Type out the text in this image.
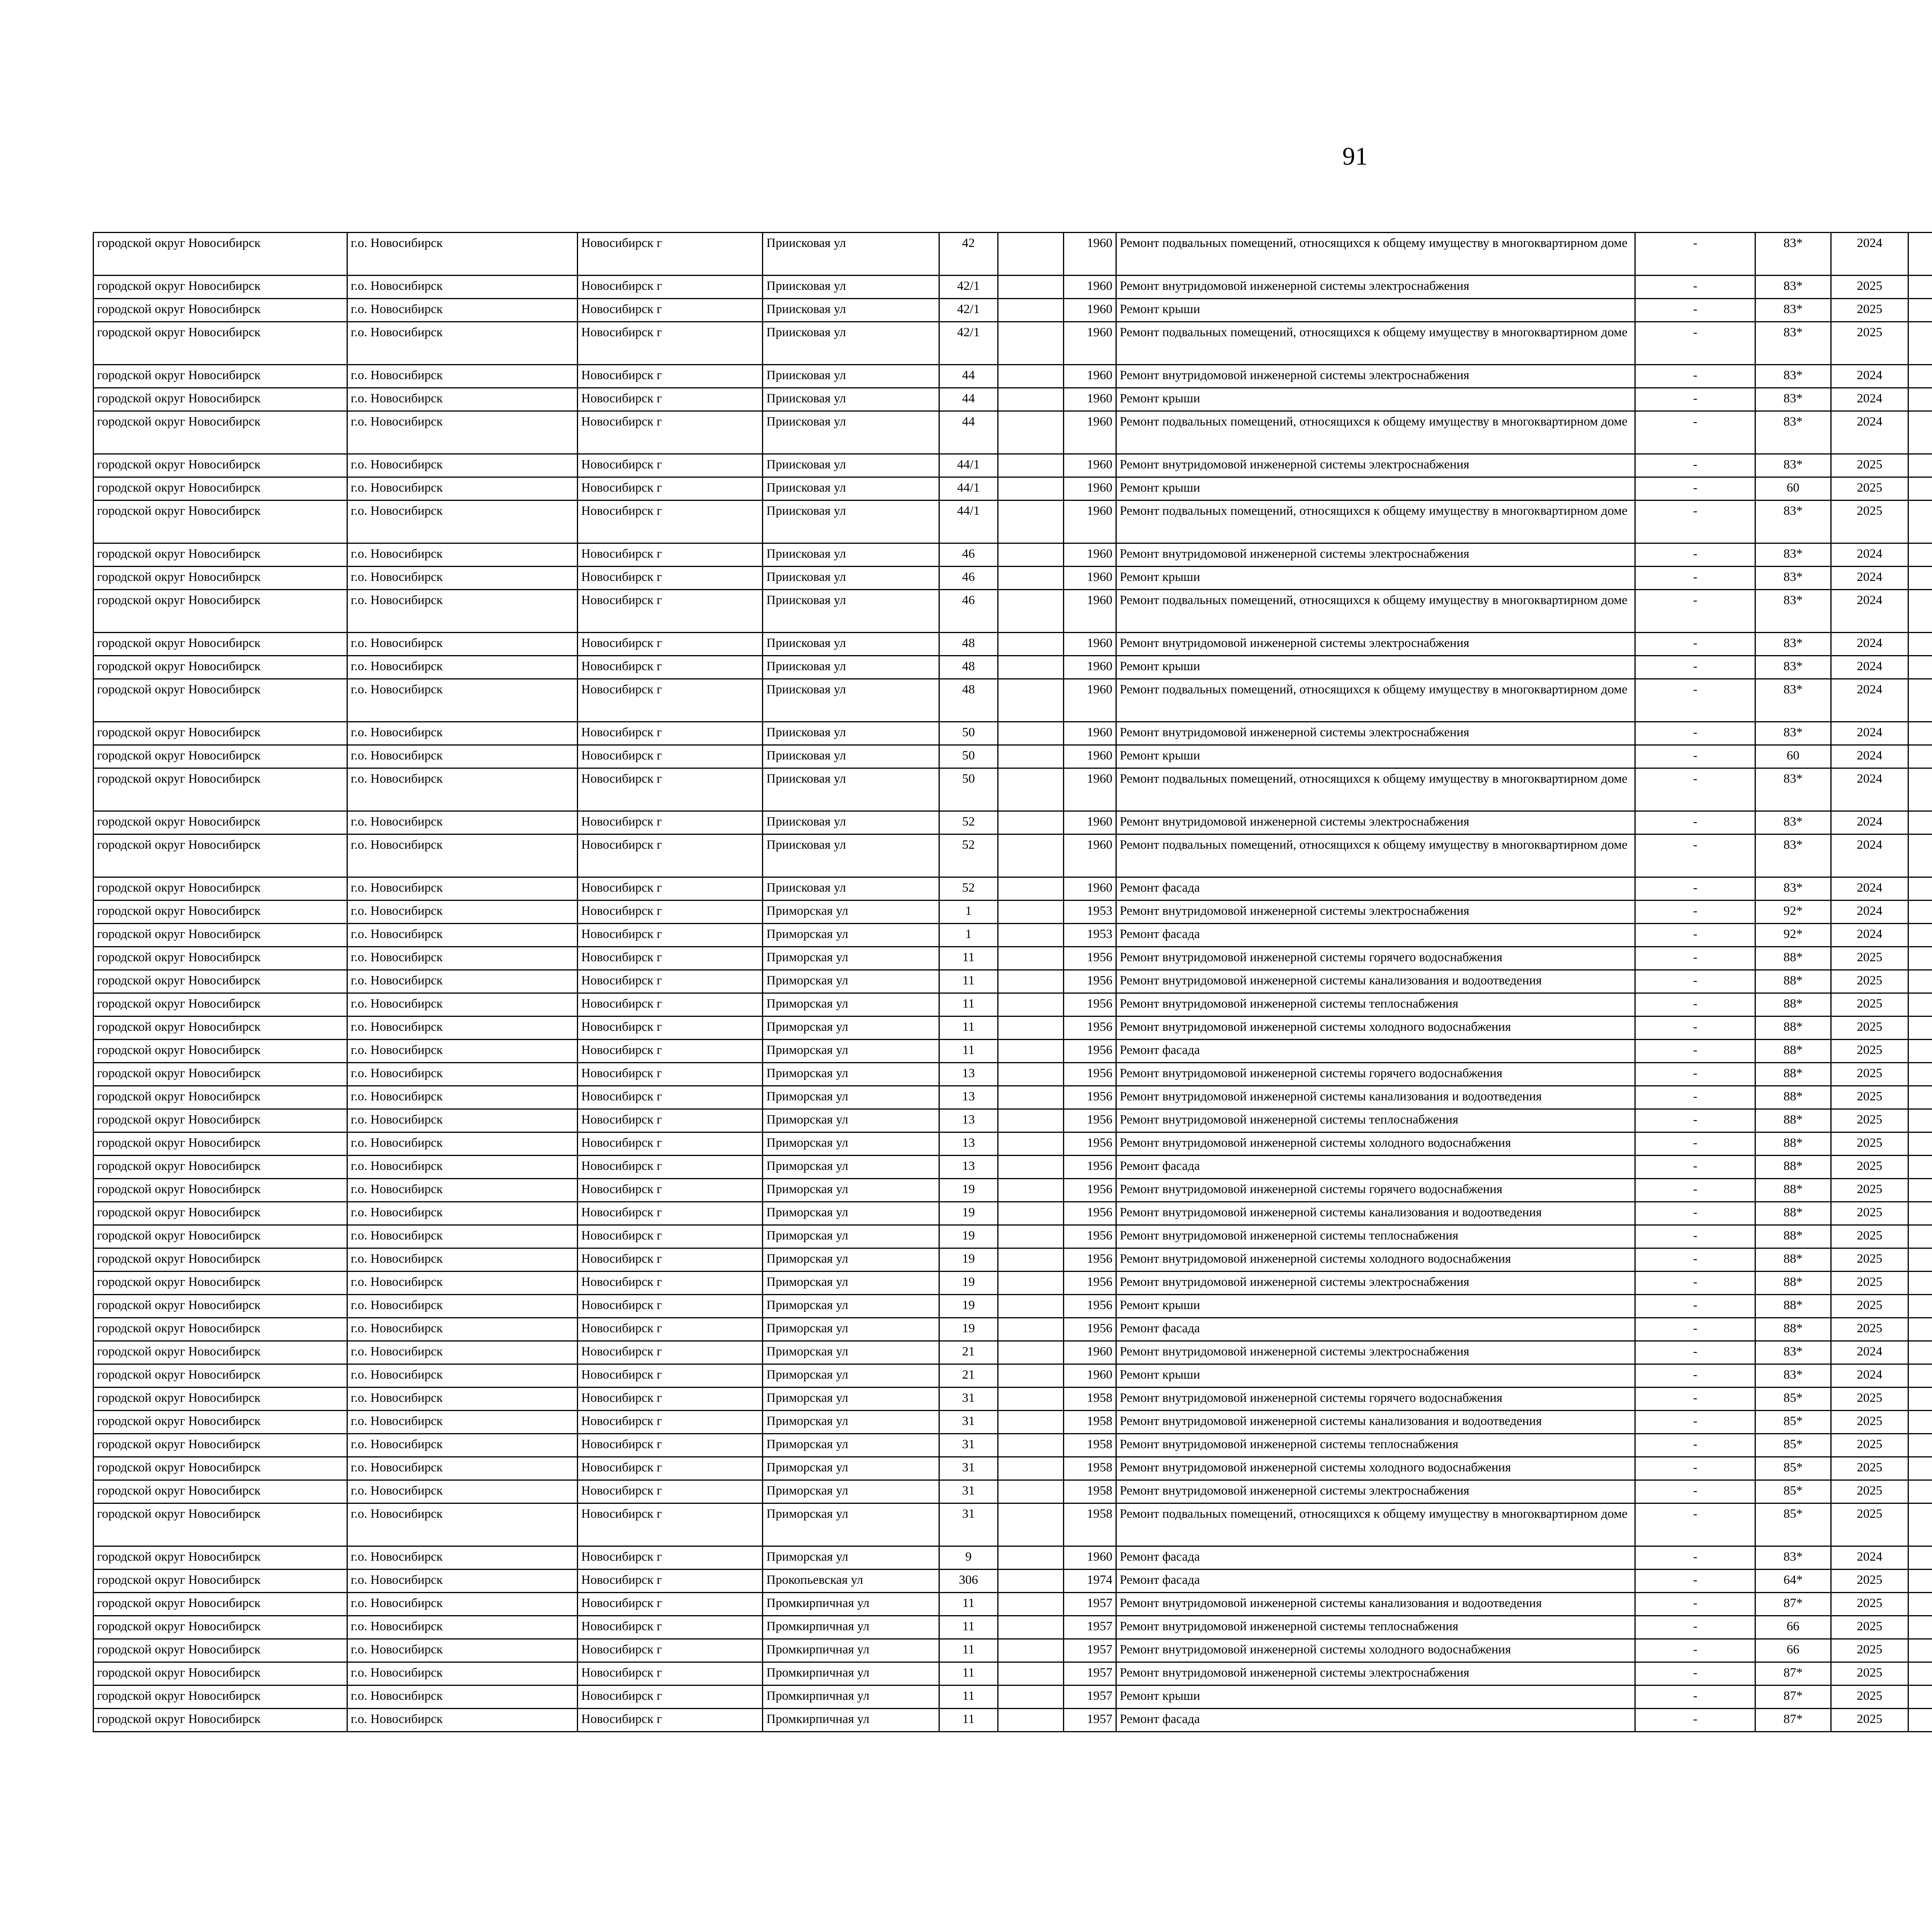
91
городской округ Новосибирск	г.о. Новосибирск	Новосибирск г	Приисковая ул	42		1960	Ремонт подвальных помещений, относящихся к общему имуществу в многоквартирном доме	-	83*	2024						
городской округ Новосибирск	г.о. Новосибирск	Новосибирск г	Приисковая ул	42/1		1960	Ремонт внутридомовой инженерной системы электроснабжения	-	83*	2025						
городской округ Новосибирск	г.о. Новосибирск	Новосибирск г	Приисковая ул	42/1		1960	Ремонт крыши	-	83*	2025						
городской округ Новосибирск	г.о. Новосибирск	Новосибирск г	Приисковая ул	42/1		1960	Ремонт подвальных помещений, относящихся к общему имуществу в многоквартирном доме	-	83*	2025						
городской округ Новосибирск	г.о. Новосибирск	Новосибирск г	Приисковая ул	44		1960	Ремонт внутридомовой инженерной системы электроснабжения	-	83*	2024						
городской округ Новосибирск	г.о. Новосибирск	Новосибирск г	Приисковая ул	44		1960	Ремонт крыши	-	83*	2024						
городской округ Новосибирск	г.о. Новосибирск	Новосибирск г	Приисковая ул	44		1960	Ремонт подвальных помещений, относящихся к общему имуществу в многоквартирном доме	-	83*	2024						
городской округ Новосибирск	г.о. Новосибирск	Новосибирск г	Приисковая ул	44/1		1960	Ремонт внутридомовой инженерной системы электроснабжения	-	83*	2025						
городской округ Новосибирск	г.о. Новосибирск	Новосибирск г	Приисковая ул	44/1		1960	Ремонт крыши	-	60	2025						
городской округ Новосибирск	г.о. Новосибирск	Новосибирск г	Приисковая ул	44/1		1960	Ремонт подвальных помещений, относящихся к общему имуществу в многоквартирном доме	-	83*	2025						
городской округ Новосибирск	г.о. Новосибирск	Новосибирск г	Приисковая ул	46		1960	Ремонт внутридомовой инженерной системы электроснабжения	-	83*	2024						
городской округ Новосибирск	г.о. Новосибирск	Новосибирск г	Приисковая ул	46		1960	Ремонт крыши	-	83*	2024						
городской округ Новосибирск	г.о. Новосибирск	Новосибирск г	Приисковая ул	46		1960	Ремонт подвальных помещений, относящихся к общему имуществу в многоквартирном доме	-	83*	2024						
городской округ Новосибирск	г.о. Новосибирск	Новосибирск г	Приисковая ул	48		1960	Ремонт внутридомовой инженерной системы электроснабжения	-	83*	2024						
городской округ Новосибирск	г.о. Новосибирск	Новосибирск г	Приисковая ул	48		1960	Ремонт крыши	-	83*	2024						
городской округ Новосибирск	г.о. Новосибирск	Новосибирск г	Приисковая ул	48		1960	Ремонт подвальных помещений, относящихся к общему имуществу в многоквартирном доме	-	83*	2024						
городской округ Новосибирск	г.о. Новосибирск	Новосибирск г	Приисковая ул	50		1960	Ремонт внутридомовой инженерной системы электроснабжения	-	83*	2024						
городской округ Новосибирск	г.о. Новосибирск	Новосибирск г	Приисковая ул	50		1960	Ремонт крыши	-	60	2024						
городской округ Новосибирск	г.о. Новосибирск	Новосибирск г	Приисковая ул	50		1960	Ремонт подвальных помещений, относящихся к общему имуществу в многоквартирном доме	-	83*	2024						
городской округ Новосибирск	г.о. Новосибирск	Новосибирск г	Приисковая ул	52		1960	Ремонт внутридомовой инженерной системы электроснабжения	-	83*	2024						
городской округ Новосибирск	г.о. Новосибирск	Новосибирск г	Приисковая ул	52		1960	Ремонт подвальных помещений, относящихся к общему имуществу в многоквартирном доме	-	83*	2024						
городской округ Новосибирск	г.о. Новосибирск	Новосибирск г	Приисковая ул	52		1960	Ремонт фасада	-	83*	2024						
городской округ Новосибирск	г.о. Новосибирск	Новосибирск г	Приморская ул	1		1953	Ремонт внутридомовой инженерной системы электроснабжения	-	92*	2024						
городской округ Новосибирск	г.о. Новосибирск	Новосибирск г	Приморская ул	1		1953	Ремонт фасада	-	92*	2024						
городской округ Новосибирск	г.о. Новосибирск	Новосибирск г	Приморская ул	11		1956	Ремонт внутридомовой инженерной системы горячего водоснабжения	-	88*	2025						
городской округ Новосибирск	г.о. Новосибирск	Новосибирск г	Приморская ул	11		1956	Ремонт внутридомовой инженерной системы канализования и водоотведения	-	88*	2025						
городской округ Новосибирск	г.о. Новосибирск	Новосибирск г	Приморская ул	11		1956	Ремонт внутридомовой инженерной системы теплоснабжения	-	88*	2025						
городской округ Новосибирск	г.о. Новосибирск	Новосибирск г	Приморская ул	11		1956	Ремонт внутридомовой инженерной системы холодного водоснабжения	-	88*	2025						
городской округ Новосибирск	г.о. Новосибирск	Новосибирск г	Приморская ул	11		1956	Ремонт фасада	-	88*	2025						
городской округ Новосибирск	г.о. Новосибирск	Новосибирск г	Приморская ул	13		1956	Ремонт внутридомовой инженерной системы горячего водоснабжения	-	88*	2025						
городской округ Новосибирск	г.о. Новосибирск	Новосибирск г	Приморская ул	13		1956	Ремонт внутридомовой инженерной системы канализования и водоотведения	-	88*	2025						
городской округ Новосибирск	г.о. Новосибирск	Новосибирск г	Приморская ул	13		1956	Ремонт внутридомовой инженерной системы теплоснабжения	-	88*	2025						
городской округ Новосибирск	г.о. Новосибирск	Новосибирск г	Приморская ул	13		1956	Ремонт внутридомовой инженерной системы холодного водоснабжения	-	88*	2025						
городской округ Новосибирск	г.о. Новосибирск	Новосибирск г	Приморская ул	13		1956	Ремонт фасада	-	88*	2025						
городской округ Новосибирск	г.о. Новосибирск	Новосибирск г	Приморская ул	19		1956	Ремонт внутридомовой инженерной системы горячего водоснабжения	-	88*	2025						
городской округ Новосибирск	г.о. Новосибирск	Новосибирск г	Приморская ул	19		1956	Ремонт внутридомовой инженерной системы канализования и водоотведения	-	88*	2025						
городской округ Новосибирск	г.о. Новосибирск	Новосибирск г	Приморская ул	19		1956	Ремонт внутридомовой инженерной системы теплоснабжения	-	88*	2025						
городской округ Новосибирск	г.о. Новосибирск	Новосибирск г	Приморская ул	19		1956	Ремонт внутридомовой инженерной системы холодного водоснабжения	-	88*	2025						
городской округ Новосибирск	г.о. Новосибирск	Новосибирск г	Приморская ул	19		1956	Ремонт внутридомовой инженерной системы электроснабжения	-	88*	2025						
городской округ Новосибирск	г.о. Новосибирск	Новосибирск г	Приморская ул	19		1956	Ремонт крыши	-	88*	2025						
городской округ Новосибирск	г.о. Новосибирск	Новосибирск г	Приморская ул	19		1956	Ремонт фасада	-	88*	2025						
городской округ Новосибирск	г.о. Новосибирск	Новосибирск г	Приморская ул	21		1960	Ремонт внутридомовой инженерной системы электроснабжения	-	83*	2024						
городской округ Новосибирск	г.о. Новосибирск	Новосибирск г	Приморская ул	21		1960	Ремонт крыши	-	83*	2024						
городской округ Новосибирск	г.о. Новосибирск	Новосибирск г	Приморская ул	31		1958	Ремонт внутридомовой инженерной системы горячего водоснабжения	-	85*	2025						
городской округ Новосибирск	г.о. Новосибирск	Новосибирск г	Приморская ул	31		1958	Ремонт внутридомовой инженерной системы канализования и водоотведения	-	85*	2025						
городской округ Новосибирск	г.о. Новосибирск	Новосибирск г	Приморская ул	31		1958	Ремонт внутридомовой инженерной системы теплоснабжения	-	85*	2025						
городской округ Новосибирск	г.о. Новосибирск	Новосибирск г	Приморская ул	31		1958	Ремонт внутридомовой инженерной системы холодного водоснабжения	-	85*	2025						
городской округ Новосибирск	г.о. Новосибирск	Новосибирск г	Приморская ул	31		1958	Ремонт внутридомовой инженерной системы электроснабжения	-	85*	2025						
городской округ Новосибирск	г.о. Новосибирск	Новосибирск г	Приморская ул	31		1958	Ремонт подвальных помещений, относящихся к общему имуществу в многоквартирном доме	-	85*	2025						
городской округ Новосибирск	г.о. Новосибирск	Новосибирск г	Приморская ул	9		1960	Ремонт фасада	-	83*	2024						
городской округ Новосибирск	г.о. Новосибирск	Новосибирск г	Прокопьевская ул	306		1974	Ремонт фасада	-	64*	2025						
городской округ Новосибирск	г.о. Новосибирск	Новосибирск г	Промкирпичная ул	11		1957	Ремонт внутридомовой инженерной системы канализования и водоотведения	-	87*	2025						
городской округ Новосибирск	г.о. Новосибирск	Новосибирск г	Промкирпичная ул	11		1957	Ремонт внутридомовой инженерной системы теплоснабжения	-	66	2025						
городской округ Новосибирск	г.о. Новосибирск	Новосибирск г	Промкирпичная ул	11		1957	Ремонт внутридомовой инженерной системы холодного водоснабжения	-	66	2025						
городской округ Новосибирск	г.о. Новосибирск	Новосибирск г	Промкирпичная ул	11		1957	Ремонт внутридомовой инженерной системы электроснабжения	-	87*	2025						
городской округ Новосибирск	г.о. Новосибирск	Новосибирск г	Промкирпичная ул	11		1957	Ремонт крыши	-	87*	2025						
городской округ Новосибирск	г.о. Новосибирск	Новосибирск г	Промкирпичная ул	11		1957	Ремонт фасада	-	87*	2025						
